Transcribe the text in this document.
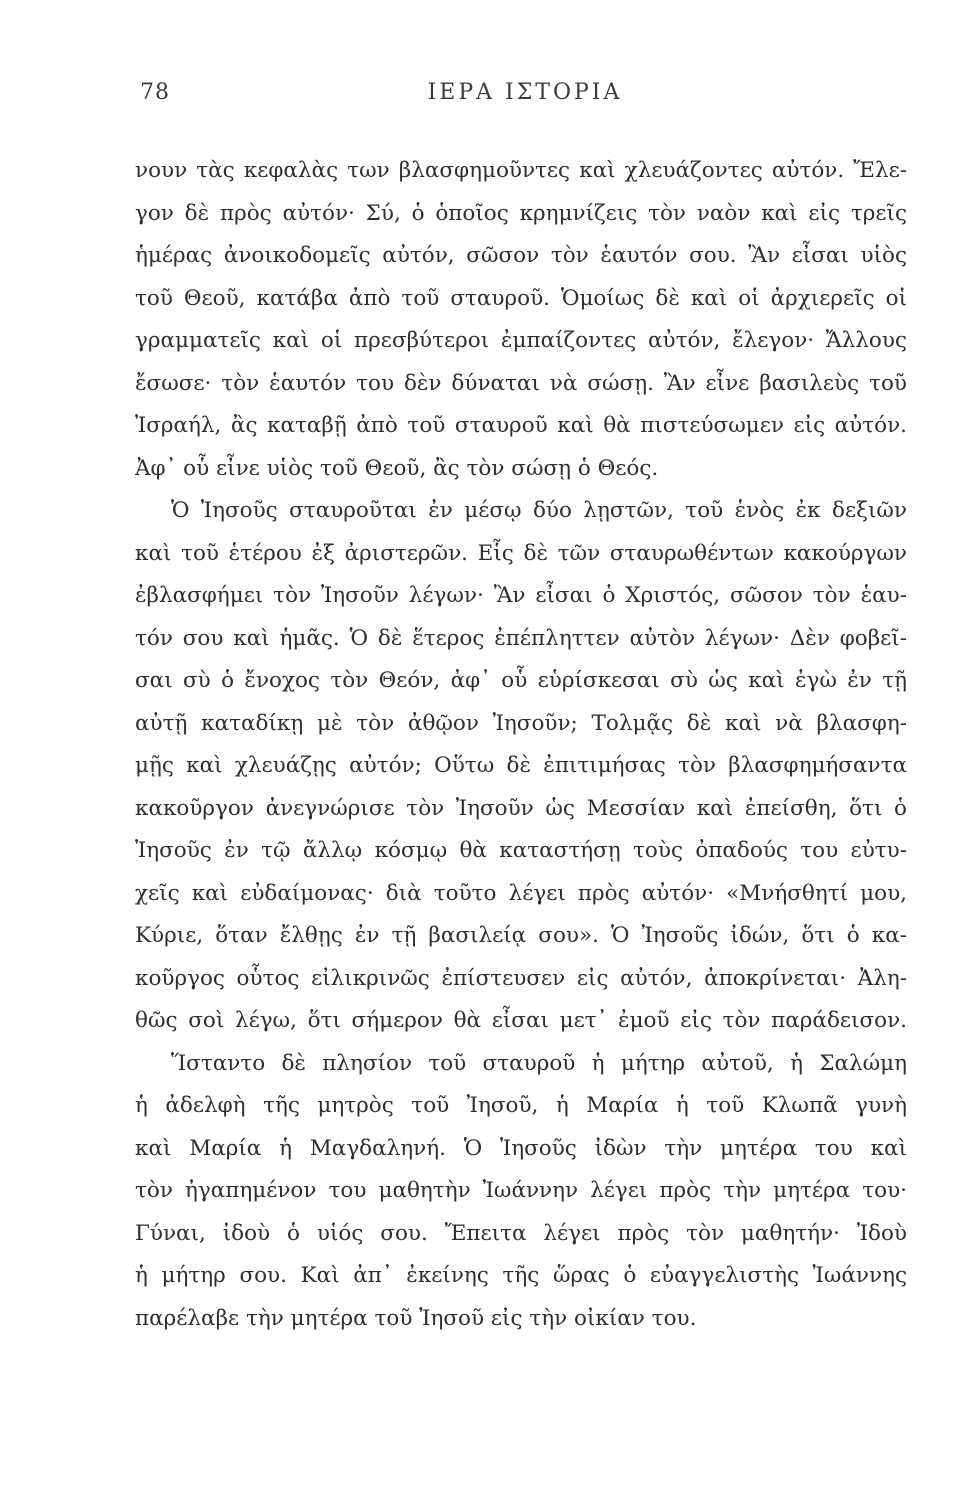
78	ΙΕΡΑ ΙΣΤΟΡΙΑ
νουν τὰς κεφαλὰς των βλασφημοῦντες καὶ χλευάζοντες αὐτόν. Ἔλε-
γον δὲ πρὸς αὐτόν· Σύ, ὁ ὁποῖος κρημνίζεις τὸν ναὸν καὶ εἰς τρεῖς
ἡμέρας ἀνοικοδομεῖς αὐτόν, σῶσον τὸν ἑαυτόν σου. Ἂν εἶσαι υἱὸς
τοῦ Θεοῦ, κατάβα ἀπὸ τοῦ σταυροῦ. Ὁμοίως δὲ καὶ οἱ ἀρχιερεῖς οἱ
γραμματεῖς καὶ οἱ πρεσβύτεροι ἐμπαίζοντες αὐτόν, ἔλεγον· Ἄλλους
ἔσωσε· τὸν ἑαυτόν του δὲν δύναται νὰ σώσῃ. Ἂν εἶνε βασιλεὺς τοῦ
Ἰσραήλ, ἂς καταβῇ ἀπὸ τοῦ σταυροῦ καὶ θὰ πιστεύσωμεν εἰς αὐτόν.
Ἀφ᾿ οὗ εἶνε υἱὸς τοῦ Θεοῦ, ἂς τὸν σώσῃ ὁ Θεός.
Ὁ Ἰησοῦς σταυροῦται ἐν μέσῳ δύο λῃστῶν, τοῦ ἑνὸς ἐκ δεξιῶν
καὶ τοῦ ἑτέρου ἐξ ἀριστερῶν. Εἷς δὲ τῶν σταυρωθέντων κακούργων
ἐβλασφήμει τὸν Ἰησοῦν λέγων· Ἂν εἶσαι ὁ Χριστός, σῶσον τὸν ἑαυ-
τόν σου καὶ ἡμᾶς. Ὁ δὲ ἕτερος ἐπέπληττεν αὐτὸν λέγων· Δὲν φοβεῖ-
σαι σὺ ὁ ἔνοχος τὸν Θεόν, ἀφ᾿ οὗ εὑρίσκεσαι σὺ ὡς καὶ ἐγὼ ἐν τῇ
αὐτῇ καταδίκῃ μὲ τὸν ἀθῷον Ἰησοῦν; Τολμᾷς δὲ καὶ νὰ βλασφη-
μῇς καὶ χλευάζῃς αὐτόν; Οὕτω δὲ ἐπιτιμήσας τὸν βλασφημήσαντα
κακοῦργον ἀνεγνώρισε τὸν Ἰησοῦν ὡς Μεσσίαν καὶ ἐπείσθη, ὅτι ὁ
Ἰησοῦς ἐν τῷ ἄλλῳ κόσμῳ θὰ καταστήσῃ τοὺς ὀπαδούς του εὐτυ-
χεῖς καὶ εὐδαίμονας· διὰ τοῦτο λέγει πρὸς αὐτόν· «Μνήσθητί μου,
Κύριε, ὅταν ἔλθῃς ἐν τῇ βασιλείᾳ σου». Ὁ Ἰησοῦς ἰδών, ὅτι ὁ κα-
κοῦργος οὗτος εἰλικρινῶς ἐπίστευσεν εἰς αὐτόν, ἀποκρίνεται· Ἀλη-
θῶς σοὶ λέγω, ὅτι σήμερον θὰ εἶσαι μετ᾿ ἐμοῦ εἰς τὸν παράδεισον.
Ἵσταντο δὲ πλησίον τοῦ σταυροῦ ἡ μήτηρ αὐτοῦ, ἡ Σαλώμη
ἡ ἀδελφὴ τῆς μητρὸς τοῦ Ἰησοῦ, ἡ Μαρία ἡ τοῦ Κλωπᾶ γυνὴ
καὶ Μαρία ἡ Μαγδαληνή. Ὁ Ἰησοῦς ἰδὼν τὴν μητέρα του καὶ
τὸν ἠγαπημένον του μαθητὴν Ἰωάννην λέγει πρὸς τὴν μητέρα του·
Γύναι, ἰδοὺ ὁ υἱός σου. Ἔπειτα λέγει πρὸς τὸν μαθητήν· Ἰδοὺ
ἡ μήτηρ σου. Καὶ ἀπ᾿ ἐκείνης τῆς ὥρας ὁ εὐαγγελιστὴς Ἰωάννης
παρέλαβε τὴν μητέρα τοῦ Ἰησοῦ εἰς τὴν οἰκίαν του.
